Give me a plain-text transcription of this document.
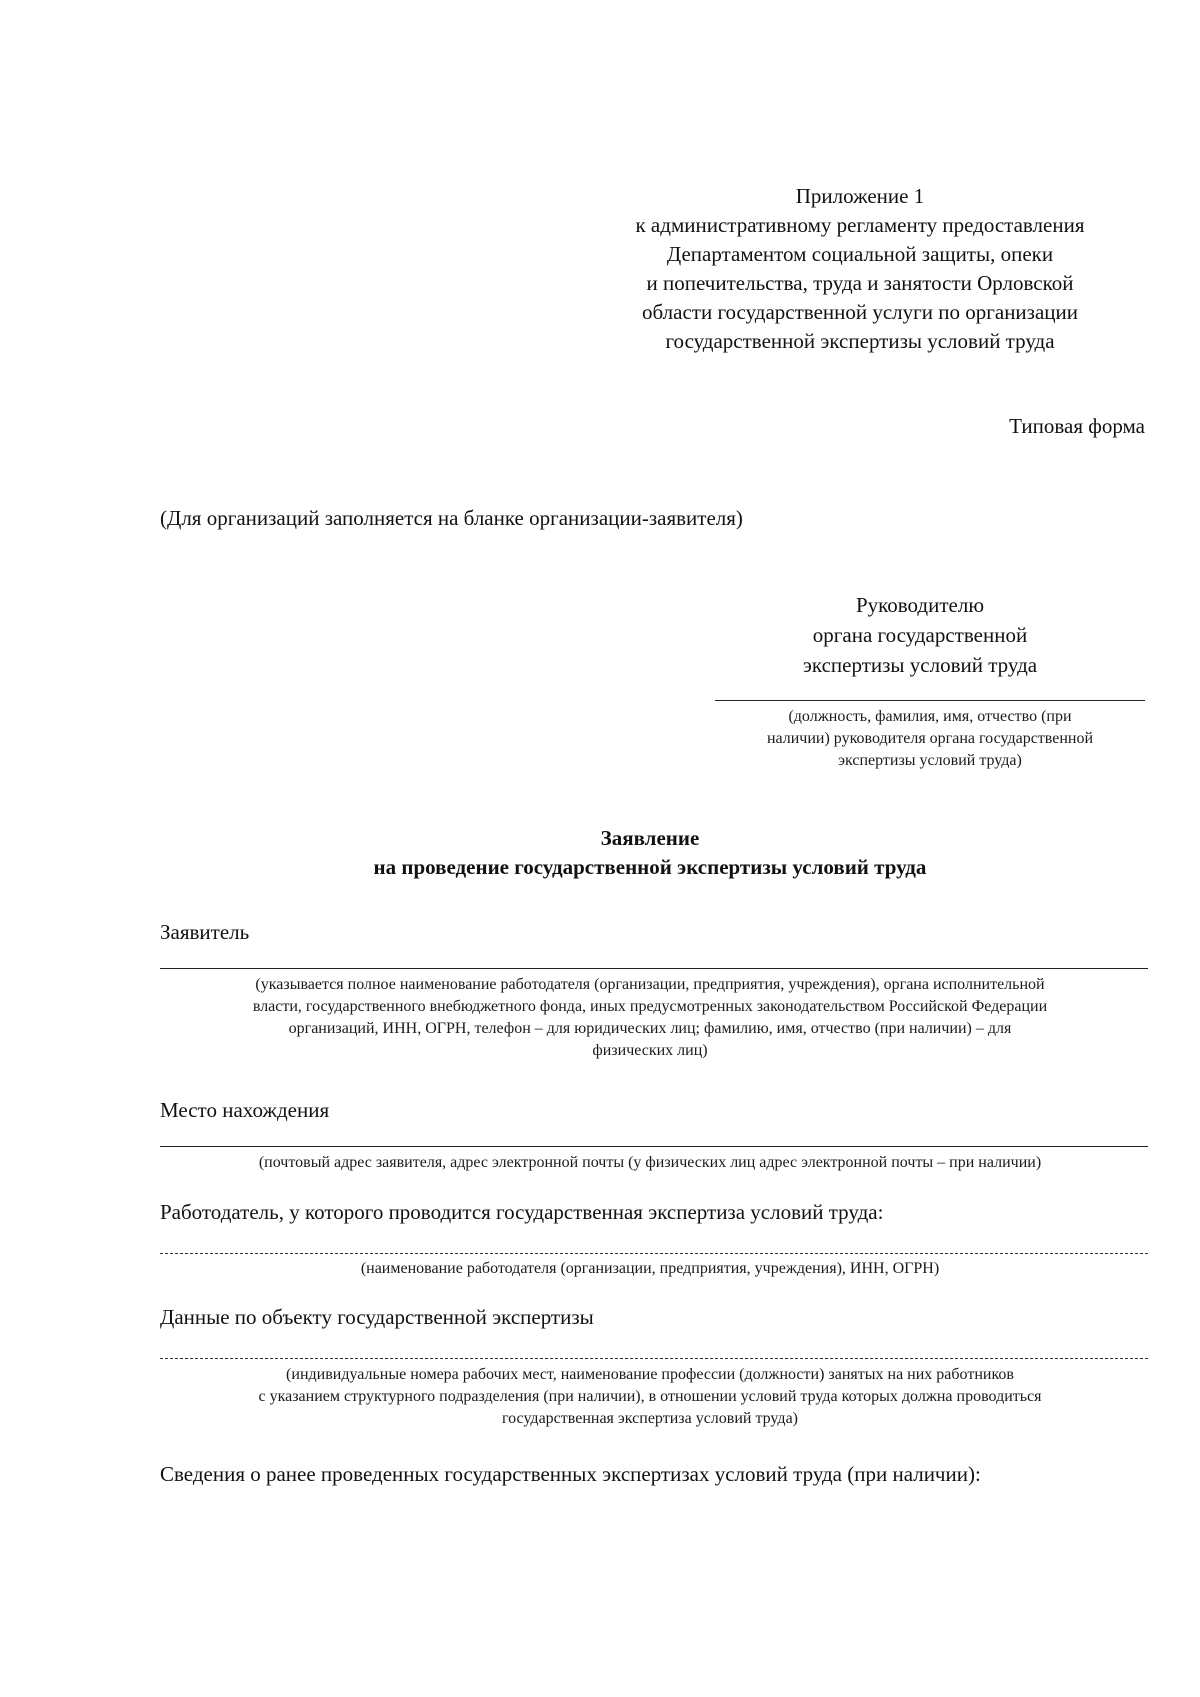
Приложение 1
к административному регламенту предоставления
Департаментом социальной защиты, опеки
и попечительства, труда и занятости Орловской
области государственной услуги по организации
государственной экспертизы условий труда
Типовая форма
(Для организаций заполняется на бланке организации-заявителя)
Руководителю
органа государственной
экспертизы условий труда
(должность, фамилия, имя, отчество (при
наличии) руководителя органа государственной
экспертизы условий труда)
Заявление
на проведение государственной экспертизы условий труда
Заявитель
(указывается полное наименование работодателя (организации, предприятия, учреждения), органа исполнительной
власти, государственного внебюджетного фонда, иных предусмотренных законодательством Российской Федерации
организаций, ИНН, ОГРН, телефон – для юридических лиц; фамилию, имя, отчество (при наличии) – для
физических лиц)
Место нахождения
(почтовый адрес заявителя, адрес электронной почты (у физических лиц адрес электронной почты – при наличии)
Работодатель, у которого проводится государственная экспертиза условий труда:
(наименование работодателя (организации, предприятия, учреждения), ИНН, ОГРН)
Данные по объекту государственной экспертизы
(индивидуальные номера рабочих мест, наименование профессии (должности) занятых на них работников
с указанием структурного подразделения (при наличии), в отношении условий труда которых должна проводиться
государственная экспертиза условий труда)
Сведения о ранее проведенных государственных экспертизах условий труда (при наличии):
